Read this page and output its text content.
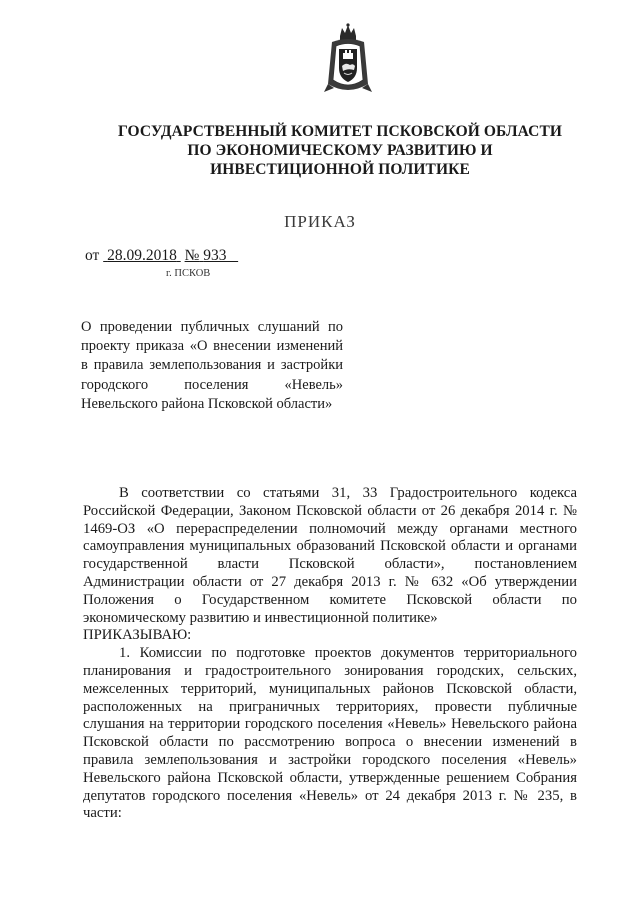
ГОСУДАРСТВЕННЫЙ КОМИТЕТ ПСКОВСКОЙ ОБЛАСТИ
ПО ЭКОНОМИЧЕСКОМУ РАЗВИТИЮ И
ИНВЕСТИЦИОННОЙ ПОЛИТИКЕ
ПРИКАЗ
от 28.09.2018 № 933
г. ПСКОВ
О проведении публичных слушаний по проекту приказа «О внесении изменений в правила землепользования и застройки городского поселения «Невель» Невельского района Псковской области»

В соответствии со статьями 31, 33 Градостроительного кодекса Российской Федерации, Законом Псковской области от 26 декабря 2014 г. № 1469-ОЗ «О перераспределении полномочий между органами местного самоуправления муниципальных образований Псковской области и органами государственной власти Псковской области», постановлением Администрации области от 27 декабря 2013 г. № 632 «Об утверждении Положения о Государственном комитете Псковской области по экономическому развитию и инвестиционной политике»

ПРИКАЗЫВАЮ:

1. Комиссии по подготовке проектов документов территориального планирования и градостроительного зонирования городских, сельских, межселенных территорий, муниципальных районов Псковской области, расположенных на приграничных территориях, провести публичные слушания на территории городского поселения «Невель» Невельского района Псковской области по рассмотрению вопроса о внесении изменений в правила землепользования и застройки городского поселения «Невель» Невельского района Псковской области, утвержденные решением Собрания депутатов городского поселения «Невель» от 24 декабря 2013 г. № 235, в части:
